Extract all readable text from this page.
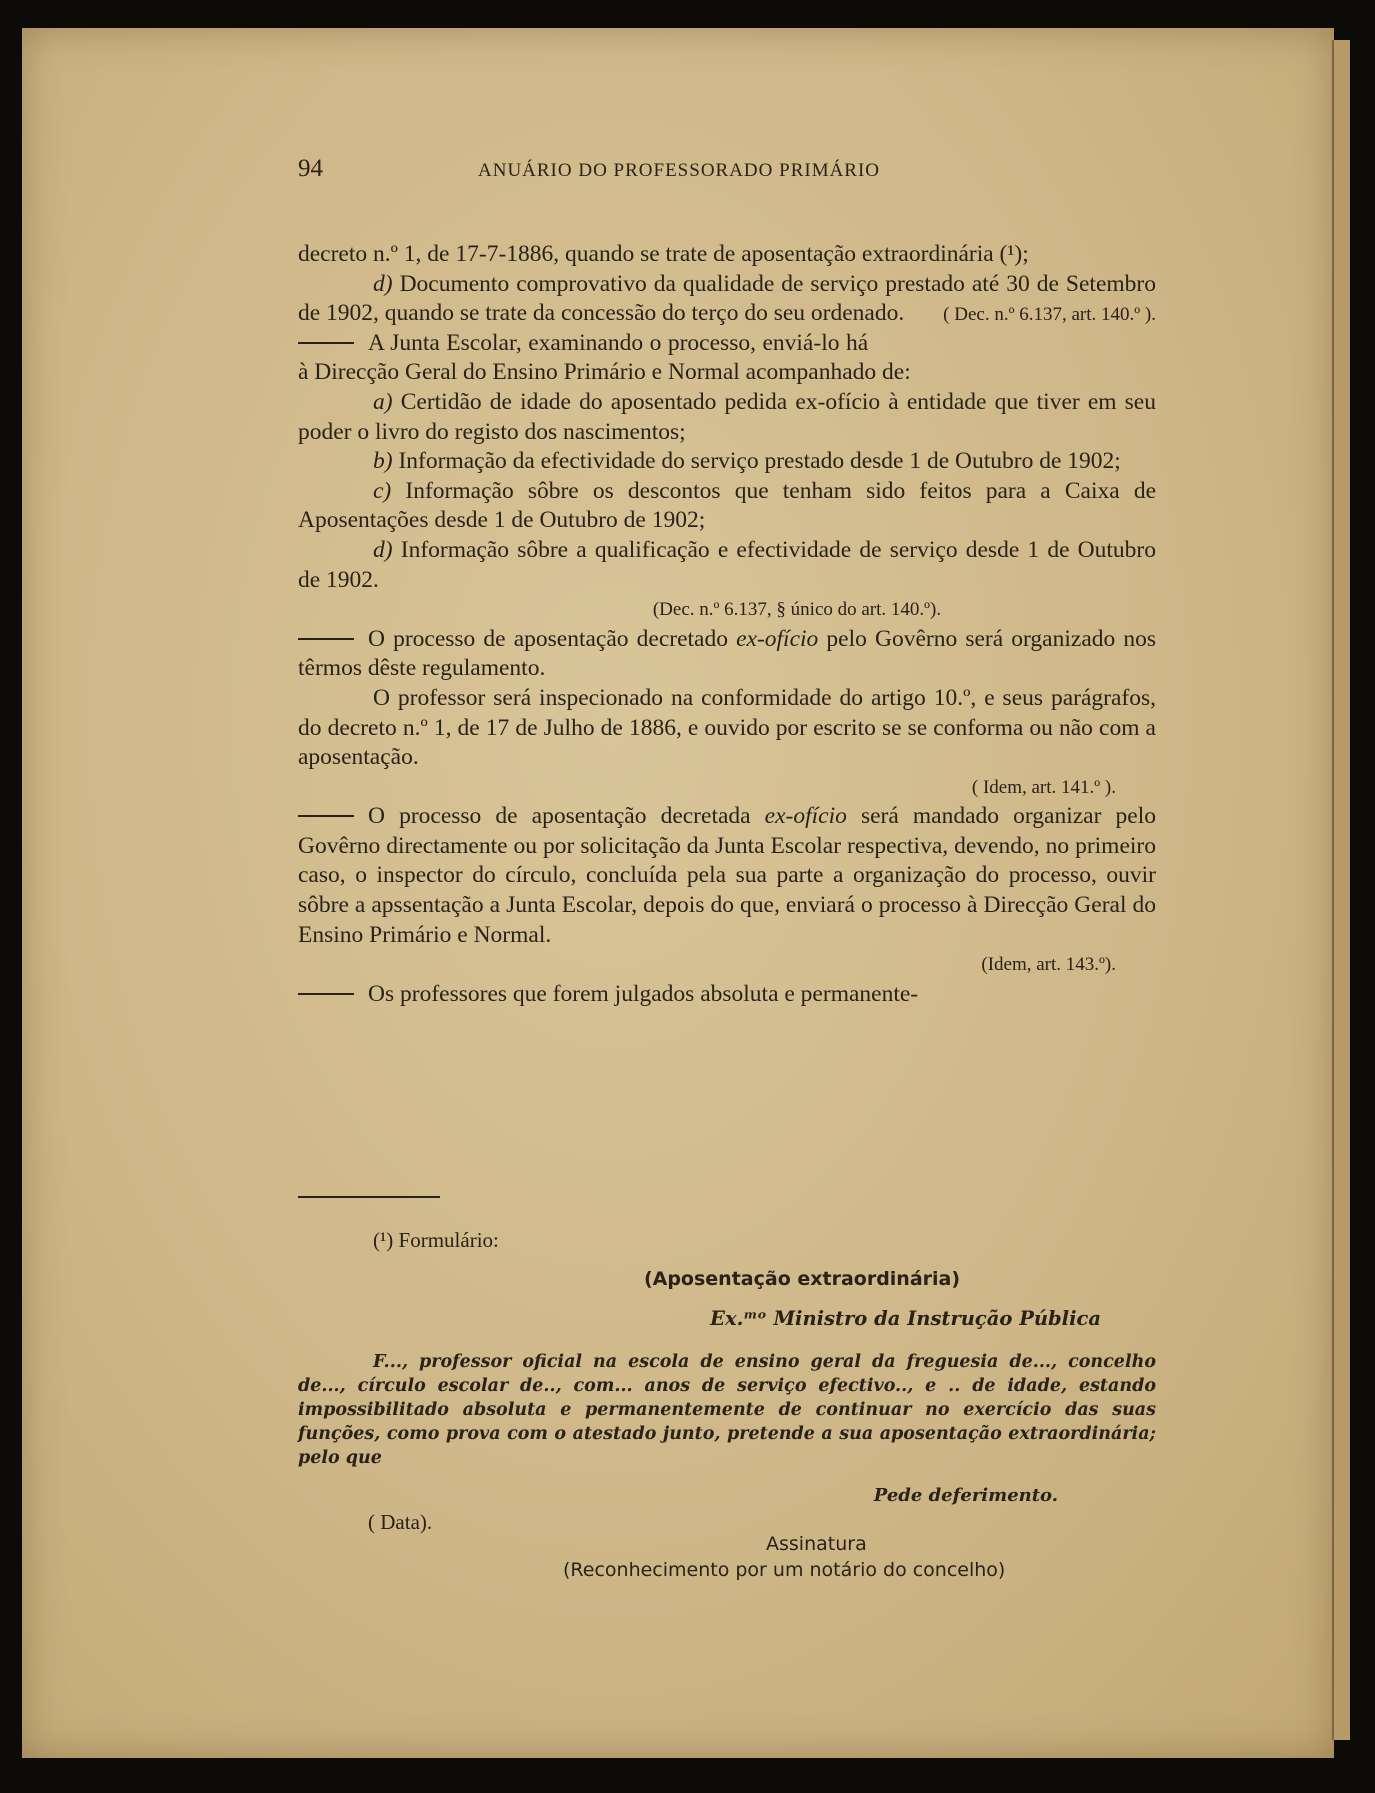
94	ANUÁRIO DO PROFESSORADO PRIMÁRIO

decreto n.º 1, de 17-7-1886, quando se trate de aposentação extraordinária (¹);

d) Documento comprovativo da qualidade de serviço prestado até 30 de Setembro de 1902, quando se trate da concessão do terço do seu ordenado.	( Dec. n.º 6.137, art. 140.º ).

A Junta Escolar, examinando o processo, enviá-lo há à Direcção Geral do Ensino Primário e Normal acompanhado de:

a) Certidão de idade do aposentado pedida ex-ofício à entidade que tiver em seu poder o livro do registo dos nascimentos;

b) Informação da efectividade do serviço prestado desde 1 de Outubro de 1902;

c) Informação sôbre os descontos que tenham sido feitos para a Caixa de Aposentações desde 1 de Outubro de 1902;

d) Informação sôbre a qualificação e efectividade de serviço desde 1 de Outubro de 1902.

(Dec. n.º 6.137, § único do art. 140.º).

O processo de aposentação decretado ex-ofício pelo Govêrno será organizado nos têrmos dêste regulamento.

O professor será inspecionado na conformidade do artigo 10.º, e seus parágrafos, do decreto n.º 1, de 17 de Julho de 1886, e ouvido por escrito se se conforma ou não com a aposentação.

( Idem, art. 141.º ).

O processo de aposentação decretada ex-ofício será mandado organizar pelo Govêrno directamente ou por solicitação da Junta Escolar respectiva, devendo, no primeiro caso, o inspector do círculo, concluída pela sua parte a organização do processo, ouvir sôbre a apssentação a Junta Escolar, depois do que, enviará o processo à Direcção Geral do Ensino Primário e Normal.

(Idem, art. 143.º).

Os professores que forem julgados absoluta e permanente-

(¹) Formulário:
(Aposentação extraordinária)
Ex.ᵐᵒ Ministro da Instrução Pública

F..., professor oficial na escola de ensino geral da freguesia de..., concelho de..., círculo escolar de.., com... anos de serviço efectivo.., e .. de idade, estando impossibilitado absoluta e permanentemente de continuar no exercício das suas funções, como prova com o atestado junto, pretende a sua aposentação extraordinária; pelo que

Pede deferimento.
( Data).
Assinatura
(Reconhecimento por um notário do concelho)
